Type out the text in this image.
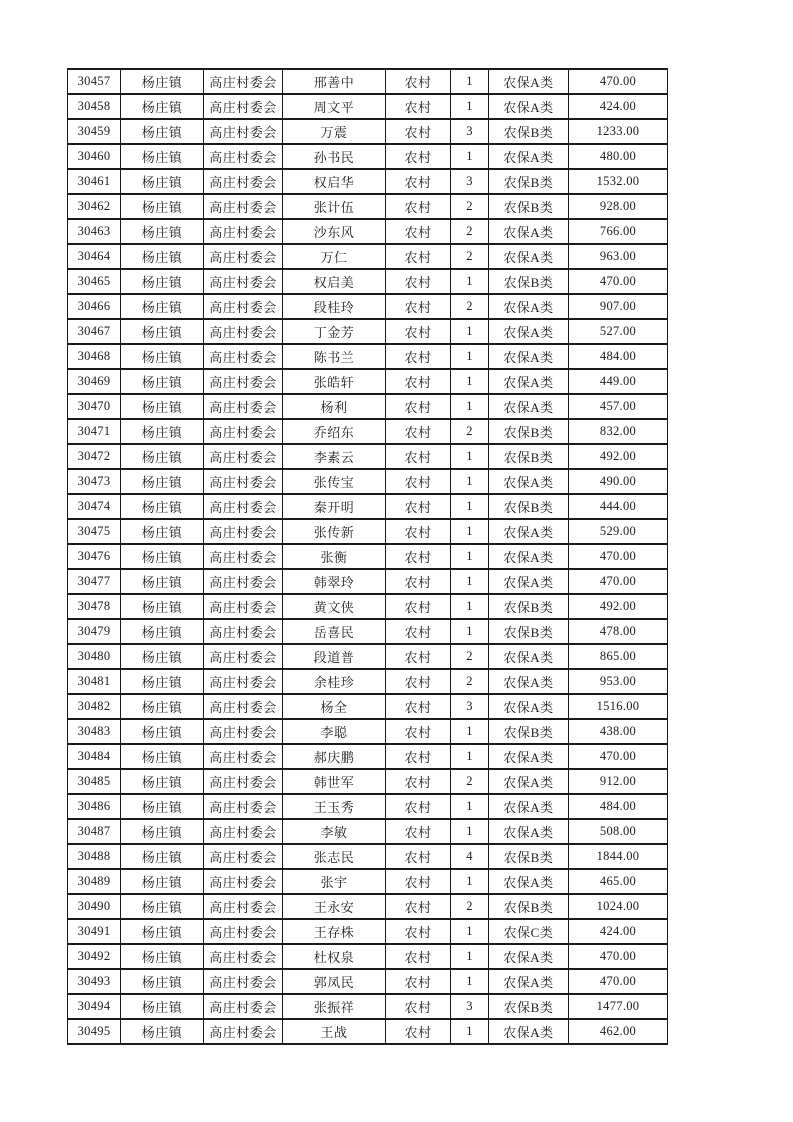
30457	杨庄镇	高庄村委会	邢善中	农村	1	农保A类	470.00
30458	杨庄镇	高庄村委会	周文平	农村	1	农保A类	424.00
30459	杨庄镇	高庄村委会	万震	农村	3	农保B类	1233.00
30460	杨庄镇	高庄村委会	孙书民	农村	1	农保A类	480.00
30461	杨庄镇	高庄村委会	权启华	农村	3	农保B类	1532.00
30462	杨庄镇	高庄村委会	张计伍	农村	2	农保B类	928.00
30463	杨庄镇	高庄村委会	沙东风	农村	2	农保A类	766.00
30464	杨庄镇	高庄村委会	万仁	农村	2	农保A类	963.00
30465	杨庄镇	高庄村委会	权启美	农村	1	农保B类	470.00
30466	杨庄镇	高庄村委会	段桂玲	农村	2	农保A类	907.00
30467	杨庄镇	高庄村委会	丁金芳	农村	1	农保A类	527.00
30468	杨庄镇	高庄村委会	陈书兰	农村	1	农保A类	484.00
30469	杨庄镇	高庄村委会	张皓轩	农村	1	农保A类	449.00
30470	杨庄镇	高庄村委会	杨利	农村	1	农保A类	457.00
30471	杨庄镇	高庄村委会	乔绍东	农村	2	农保B类	832.00
30472	杨庄镇	高庄村委会	李素云	农村	1	农保B类	492.00
30473	杨庄镇	高庄村委会	张传宝	农村	1	农保A类	490.00
30474	杨庄镇	高庄村委会	秦开明	农村	1	农保B类	444.00
30475	杨庄镇	高庄村委会	张传新	农村	1	农保A类	529.00
30476	杨庄镇	高庄村委会	张衡	农村	1	农保A类	470.00
30477	杨庄镇	高庄村委会	韩翠玲	农村	1	农保A类	470.00
30478	杨庄镇	高庄村委会	黄文侠	农村	1	农保B类	492.00
30479	杨庄镇	高庄村委会	岳喜民	农村	1	农保B类	478.00
30480	杨庄镇	高庄村委会	段道普	农村	2	农保A类	865.00
30481	杨庄镇	高庄村委会	余桂珍	农村	2	农保A类	953.00
30482	杨庄镇	高庄村委会	杨全	农村	3	农保A类	1516.00
30483	杨庄镇	高庄村委会	李聪	农村	1	农保B类	438.00
30484	杨庄镇	高庄村委会	郝庆鹏	农村	1	农保A类	470.00
30485	杨庄镇	高庄村委会	韩世军	农村	2	农保A类	912.00
30486	杨庄镇	高庄村委会	王玉秀	农村	1	农保A类	484.00
30487	杨庄镇	高庄村委会	李敏	农村	1	农保A类	508.00
30488	杨庄镇	高庄村委会	张志民	农村	4	农保B类	1844.00
30489	杨庄镇	高庄村委会	张宇	农村	1	农保A类	465.00
30490	杨庄镇	高庄村委会	王永安	农村	2	农保B类	1024.00
30491	杨庄镇	高庄村委会	王存株	农村	1	农保C类	424.00
30492	杨庄镇	高庄村委会	杜权泉	农村	1	农保A类	470.00
30493	杨庄镇	高庄村委会	郭凤民	农村	1	农保A类	470.00
30494	杨庄镇	高庄村委会	张振祥	农村	3	农保B类	1477.00
30495	杨庄镇	高庄村委会	王战	农村	1	农保A类	462.00
